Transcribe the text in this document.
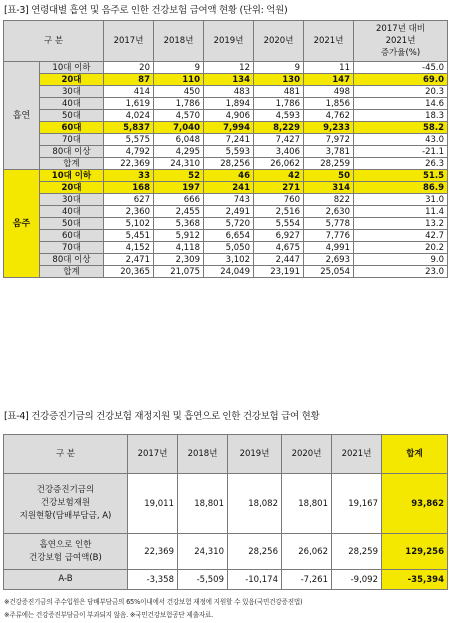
[표-3] 연령대별 흡연 및 음주로 인한 건강보험 급여액 현황 (단위: 억원)
구 분		2017년	2018년	2019년	2020년	2021년	2017년 대비
2021년
증가율(%)
흡연	10대 이하	20	9	12	9	11	-45.0
	20대	87	110	134	130	147	69.0
	30대	414	450	483	481	498	20.3
	40대	1,619	1,786	1,894	1,786	1,856	14.6
	50대	4,024	4,570	4,906	4,593	4,762	18.3
	60대	5,837	7,040	7,994	8,229	9,233	58.2
	70대	5,575	6,048	7,241	7,427	7,972	43.0
	80대 이상	4,792	4,295	5,593	3,406	3,781	-21.1
	합계	22,369	24,310	28,256	26,062	28,259	26.3
음주	10대 이하	33	52	46	42	50	51.5
	20대	168	197	241	271	314	86.9
	30대	627	666	743	760	822	31.0
	40대	2,360	2,455	2,491	2,516	2,630	11.4
	50대	5,102	5,368	5,720	5,554	5,778	13.2
	60대	5,451	5,912	6,654	6,927	7,776	42.7
	70대	4,152	4,118	5,050	4,675	4,991	20.2
	80대 이상	2,471	2,309	3,102	2,447	2,693	9.0
	합계	20,365	21,075	24,049	23,191	25,054	23.0
[표-4] 건강증진기금의 건강보험 재정지원 및 흡연으로 인한 건강보험 급여 현황
구 분	2017년	2018년	2019년	2020년	2021년	합계
건강증진기금의
건강보험재원
지원현황(담배부담금, A)	19,011	18,801	18,082	18,801	19,167	93,862
흡연으로 인한
건강보험 급여액(B)	22,369	24,310	28,256	26,062	28,259	129,256
A-B	-3,358	-5,509	-10,174	-7,261	-9,092	-35,394
※건강증진기금의 주수입원은 담배부담금의 65%이내에서 건강보험 재정에 지원할 수 있음(국민건강증진법)
※주류에는 건강증진부담금이 부과되지 않음. ※국민건강보험공단 제출자료.
